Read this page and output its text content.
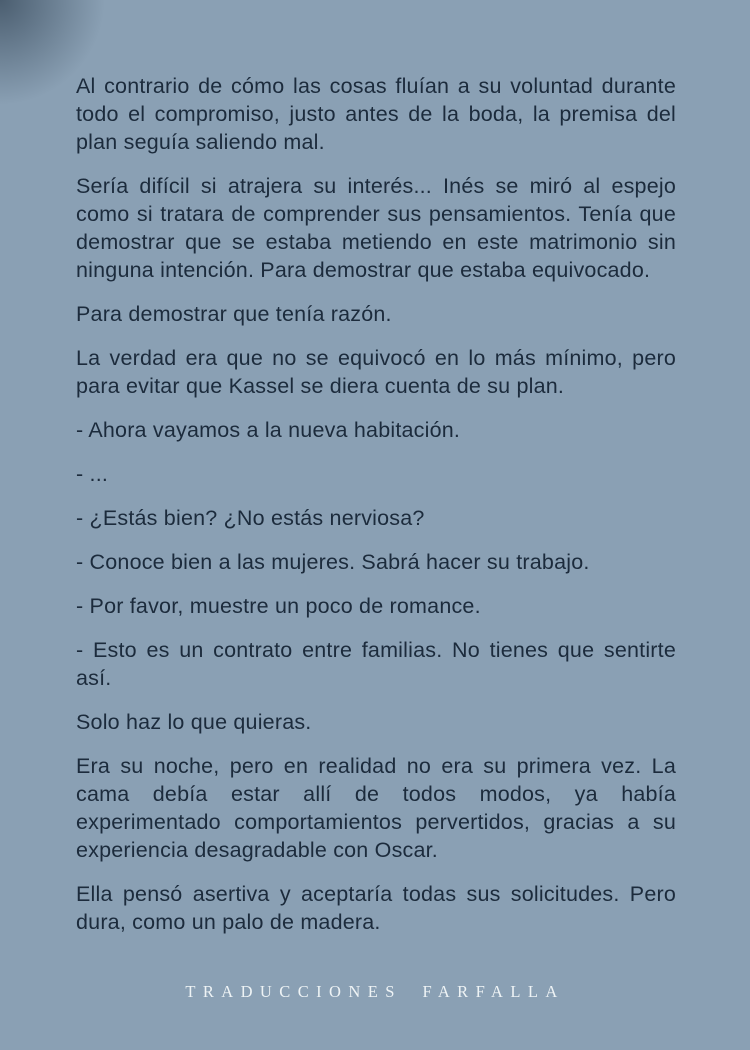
Al contrario de cómo las cosas fluían a su voluntad durante todo el compromiso, justo antes de la boda, la premisa del plan seguía saliendo mal.

Sería difícil si atrajera su interés... Inés se miró al espejo como si tratara de comprender sus pensamientos. Tenía que demostrar que se estaba metiendo en este matrimonio sin ninguna intención. Para demostrar que estaba equivocado.

Para demostrar que tenía razón.

La verdad era que no se equivocó en lo más mínimo, pero para evitar que Kassel se diera cuenta de su plan.

- Ahora vayamos a la nueva habitación.

- ...

- ¿Estás bien? ¿No estás nerviosa?

- Conoce bien a las mujeres. Sabrá hacer su trabajo.

- Por favor, muestre un poco de romance.

- Esto es un contrato entre familias. No tienes que sentirte así.

Solo haz lo que quieras.

Era su noche, pero en realidad no era su primera vez. La cama debía estar allí de todos modos, ya había experimentado comportamientos pervertidos, gracias a su experiencia desagradable con Oscar.

Ella pensó asertiva y aceptaría todas sus solicitudes. Pero dura, como un palo de madera.

TRADUCCIONES FARFALLA
